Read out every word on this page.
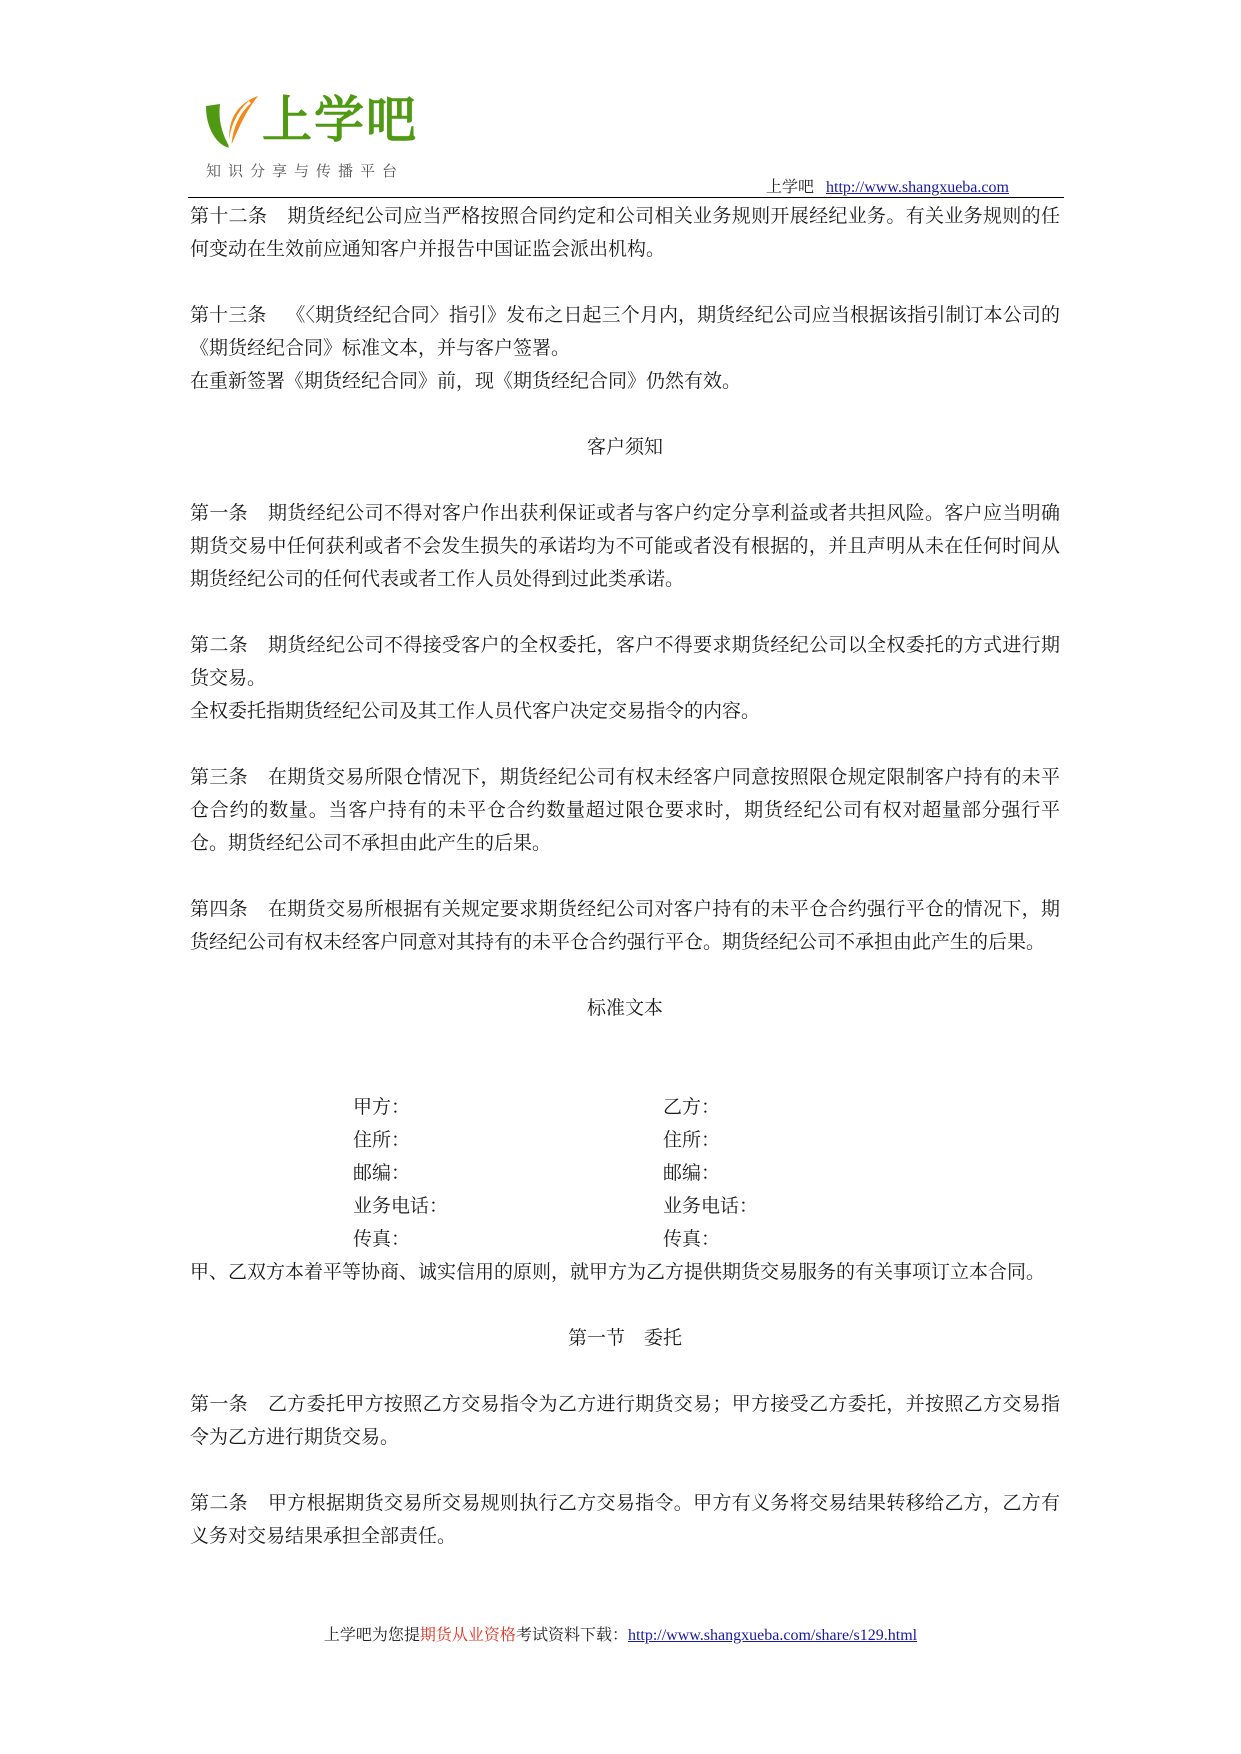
上学吧
知识分享与传播平台
上学吧 http://www.shangxueba.com

第十二条 期货经纪公司应当严格按照合同约定和公司相关业务规则开展经纪业务。有关业务规则的任何变动在生效前应通知客户并报告中国证监会派出机构。

第十三条 《〈期货经纪合同〉指引》发布之日起三个月内，期货经纪公司应当根据该指引制订本公司的《期货经纪合同》标准文本，并与客户签署。

在重新签署《期货经纪合同》前，现《期货经纪合同》仍然有效。

客户须知

第一条 期货经纪公司不得对客户作出获利保证或者与客户约定分享利益或者共担风险。客户应当明确期货交易中任何获利或者不会发生损失的承诺均为不可能或者没有根据的，并且声明从未在任何时间从期货经纪公司的任何代表或者工作人员处得到过此类承诺。

第二条 期货经纪公司不得接受客户的全权委托，客户不得要求期货经纪公司以全权委托的方式进行期货交易。

全权委托指期货经纪公司及其工作人员代客户决定交易指令的内容。

第三条 在期货交易所限仓情况下，期货经纪公司有权未经客户同意按照限仓规定限制客户持有的未平仓合约的数量。当客户持有的未平仓合约数量超过限仓要求时，期货经纪公司有权对超量部分强行平仓。期货经纪公司不承担由此产生的后果。

第四条 在期货交易所根据有关规定要求期货经纪公司对客户持有的未平仓合约强行平仓的情况下，期货经纪公司有权未经客户同意对其持有的未平仓合约强行平仓。期货经纪公司不承担由此产生的后果。

标准文本

甲方：	乙方：
住所：	住所：
邮编：	邮编：
业务电话：	业务电话：
传真：	传真：

甲、乙双方本着平等协商、诚实信用的原则，就甲方为乙方提供期货交易服务的有关事项订立本合同。

第一节　委托

第一条 乙方委托甲方按照乙方交易指令为乙方进行期货交易；甲方接受乙方委托，并按照乙方交易指令为乙方进行期货交易。

第二条 甲方根据期货交易所交易规则执行乙方交易指令。甲方有义务将交易结果转移给乙方，乙方有义务对交易结果承担全部责任。

上学吧为您提期货从业资格考试资料下载：http://www.shangxueba.com/share/s129.html
